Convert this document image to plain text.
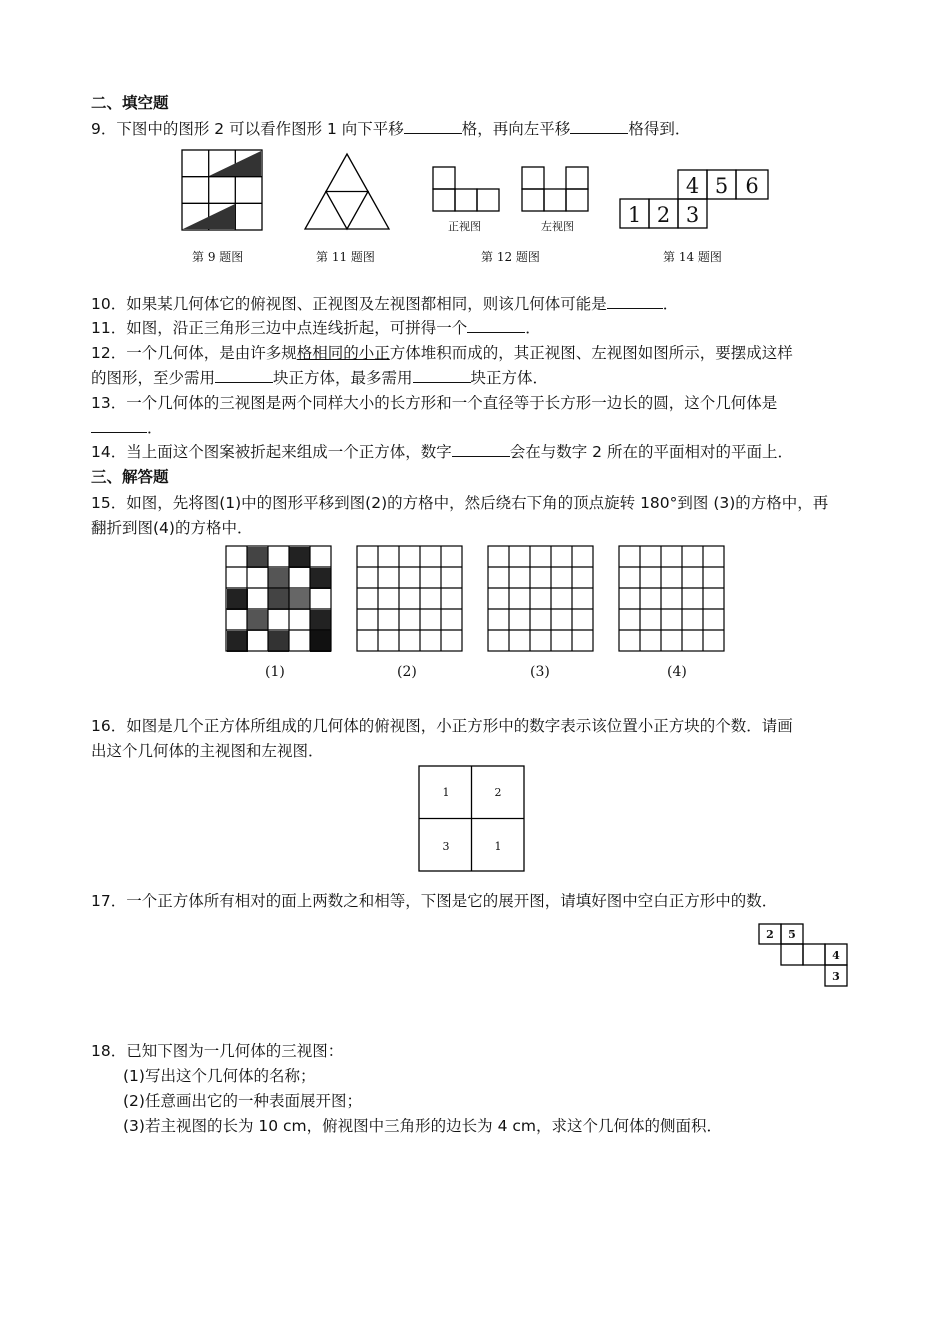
二、填空题
9．下图中的图形 2 可以看作图形 1 向下平移	格，再向左平移	格得到．
第 9 题图	第 11 题图
正视图	左视图
第 12 题图
1 2 3
4 5 6
第 14 题图
10．如果某几何体它的俯视图、正视图及左视图都相同，则该几何体可能是	．
11．如图，沿正三角形三边中点连线折起，可拼得一个	．
12．一个几何体，是由许多规格相同的小正方体堆积而成的，其正视图、左视图如图所示，要摆成这样
的图形，至少需用	块正方体，最多需用	块正方体．
13．一个几何体的三视图是两个同样大小的长方形和一个直径等于长方形一边长的圆，这个几何体是
．
14．当上面这个图案被折起来组成一个正方体，数字	会在与数字 2 所在的平面相对的平面上．
三、解答题
15．如图，先将图(1)中的图形平移到图(2)的方格中，然后绕右下角的顶点旋转 180°到图 (3)的方格中，再
翻折到图(4)的方格中．
(1)	(2)	(3)	(4)
16．如图是几个正方体所组成的几何体的俯视图，小正方形中的数字表示该位置小正方块的个数．请画
出这个几何体的主视图和左视图．
1	2
3	1
17．一个正方体所有相对的面上两数之和相等，下图是它的展开图，请填好图中空白正方形中的数．
2 5
4
3
18．已知下图为一几何体的三视图：
(1)写出这个几何体的名称；
(2)任意画出它的一种表面展开图；
(3)若主视图的长为 10 cm，俯视图中三角形的边长为 4 cm，求这个几何体的侧面积．
